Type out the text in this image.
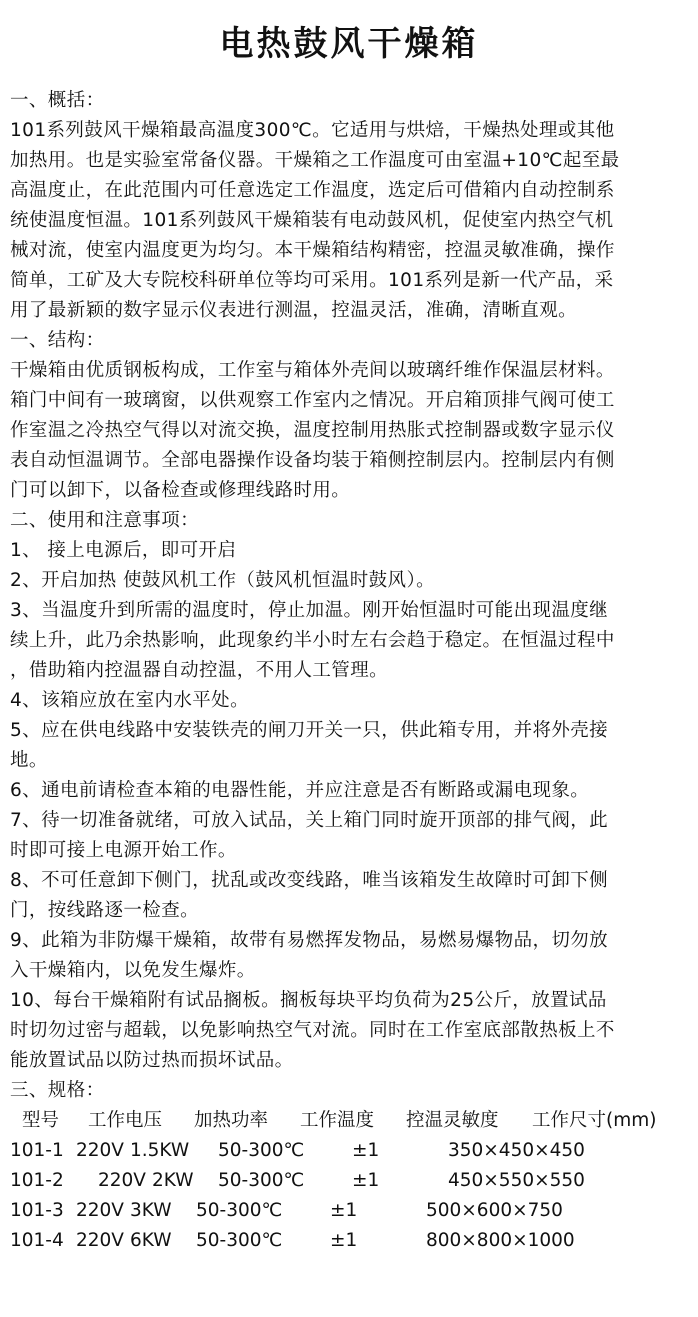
电热鼓风干燥箱
一、概括：
101系列鼓风干燥箱最高温度300℃。它适用与烘焙，干燥热处理或其他
加热用。也是实验室常备仪器。干燥箱之工作温度可由室温+10℃起至最
高温度止，在此范围内可任意选定工作温度，选定后可借箱内自动控制系
统使温度恒温。101系列鼓风干燥箱装有电动鼓风机，促使室内热空气机
械对流，使室内温度更为均匀。本干燥箱结构精密，控温灵敏准确，操作
简单，工矿及大专院校科研单位等均可采用。101系列是新一代产品，采
用了最新颖的数字显示仪表进行测温，控温灵活，准确，清晰直观。
一、结构：
干燥箱由优质钢板构成，工作室与箱体外壳间以玻璃纤维作保温层材料。
箱门中间有一玻璃窗，以供观察工作室内之情况。开启箱顶排气阀可使工
作室温之冷热空气得以对流交换，温度控制用热胀式控制器或数字显示仪
表自动恒温调节。全部电器操作设备均装于箱侧控制层内。控制层内有侧
门可以卸下，以备检查或修理线路时用。
二、使用和注意事项：
1、 接上电源后，即可开启
2、开启加热 使鼓风机工作（鼓风机恒温时鼓风）。
3、当温度升到所需的温度时，停止加温。刚开始恒温时可能出现温度继
续上升，此乃余热影响，此现象约半小时左右会趋于稳定。在恒温过程中
，借助箱内控温器自动控温，不用人工管理。
4、该箱应放在室内水平处。
5、应在供电线路中安装铁壳的闸刀开关一只，供此箱专用，并将外壳接
地。
6、通电前请检查本箱的电器性能，并应注意是否有断路或漏电现象。
7、待一切准备就绪，可放入试品，关上箱门同时旋开顶部的排气阀，此
时即可接上电源开始工作。
8、不可任意卸下侧门，扰乱或改变线路，唯当该箱发生故障时可卸下侧
门，按线路逐一检查。
9、此箱为非防爆干燥箱，故带有易燃挥发物品，易燃易爆物品，切勿放
入干燥箱内，以免发生爆炸。
10、每台干燥箱附有试品搁板。搁板每块平均负荷为25公斤，放置试品
时切勿过密与超载，以免影响热空气对流。同时在工作室底部散热板上不
能放置试品以防过热而损坏试品。
三、规格：
型号 工作电压 加热功率 工作温度 控温灵敏度 工作尺寸(mm)
101-1 220V 1.5KW 50-300℃	±1	350×450×450
101-2 220V 2KW 50-300℃	±1	450×550×550
101-3 220V 3KW 50-300℃	±1	500×600×750
101-4 220V 6KW 50-300℃	±1	800×800×1000
